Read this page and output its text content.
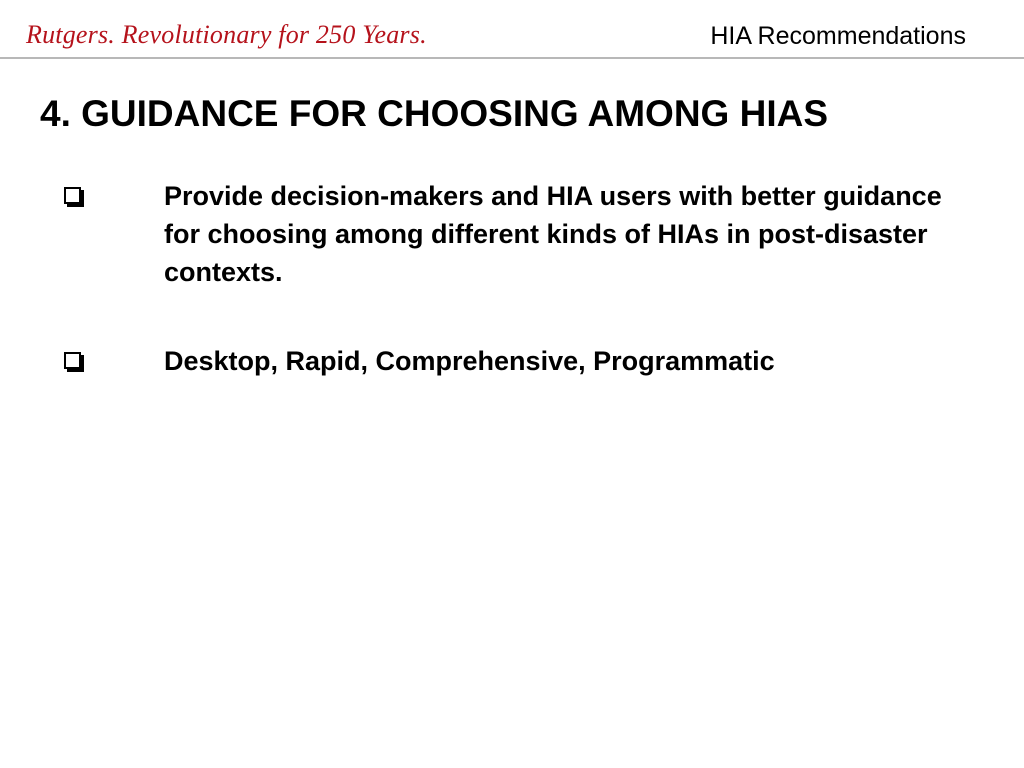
Rutgers. Revolutionary for 250 Years.	HIA Recommendations
4. GUIDANCE FOR CHOOSING AMONG HIAS
Provide decision-makers and HIA users with better guidance for choosing among different kinds of HIAs in post-disaster contexts.
Desktop, Rapid, Comprehensive, Programmatic
